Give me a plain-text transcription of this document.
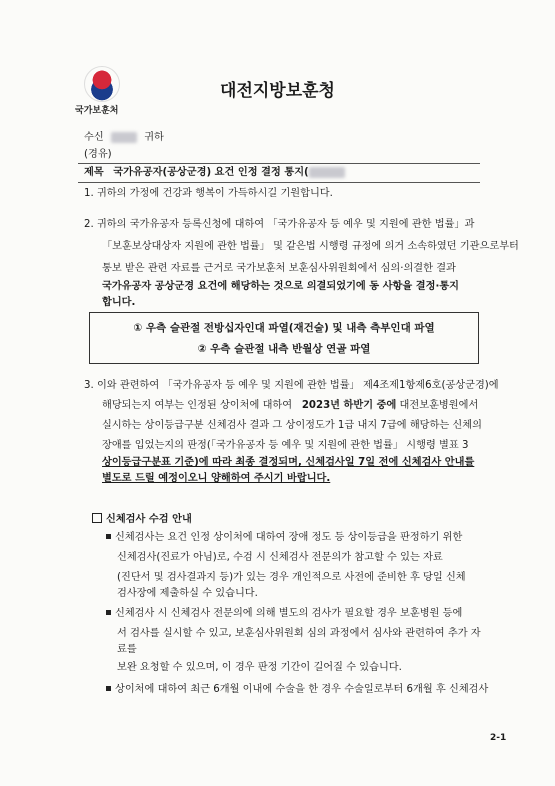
국가보훈처
대전지방보훈청
수신	귀하
(경유)
제목 국가유공자(공상군경) 요건 인정 결정 통지(
1. 귀하의 가정에 건강과 행복이 가득하시길 기원합니다.
2. 귀하의 국가유공자 등록신청에 대하여 「국가유공자 등 예우 및 지원에 관한 법률」과
「보훈보상대상자 지원에 관한 법률」 및 같은법 시행령 규정에 의거 소속하였던 기관으로부터
통보 받은 관련 자료를 근거로 국가보훈처 보훈심사위원회에서 심의·의결한 결과
국가유공자 공상군경 요건에 해당하는 것으로 의결되었기에 동 사항을 결정·통지
합니다.
① 우측 슬관절 전방십자인대 파열(재건술) 및 내측 측부인대 파열
② 우측 슬관절 내측 반월상 연골 파열
3. 이와 관련하여 「국가유공자 등 예우 및 지원에 관한 법률」 제4조제1항제6호(공상군경)에
해당되는지 여부는 인정된 상이처에 대하여   2023년 하반기 중에 대전보훈병원에서
실시하는 상이등급구분 신체검사 결과 그 상이정도가 1급 내지 7급에 해당하는 신체의
장애를 입었는지의 판정(「국가유공자 등 예우 및 지원에 관한 법률」 시행령 별표 3
상이등급구분표 기준)에 따라 최종 결정되며, 신체검사일 7일 전에 신체검사 안내를
별도로 드릴 예정이오니 양해하여 주시기 바랍니다.
신체검사 수검 안내
신체검사는 요건 인정 상이처에 대하여 장애 정도 등 상이등급을 판정하기 위한
신체검사(진료가 아님)로, 수검 시 신체검사 전문의가 참고할 수 있는 자료
(진단서 및 검사결과지 등)가 있는 경우 개인적으로 사전에 준비한 후 당일 신체
검사장에 제출하실 수 있습니다.
신체검사 시 신체검사 전문의에 의해 별도의 검사가 필요할 경우 보훈병원 등에
서 검사를 실시할 수 있고, 보훈심사위원회 심의 과정에서 심사와 관련하여 추가 자
료를
보완 요청할 수 있으며, 이 경우 판정 기간이 길어질 수 있습니다.
상이처에 대하여 최근 6개월 이내에 수술을 한 경우 수술일로부터 6개월 후 신체검사
2-1
